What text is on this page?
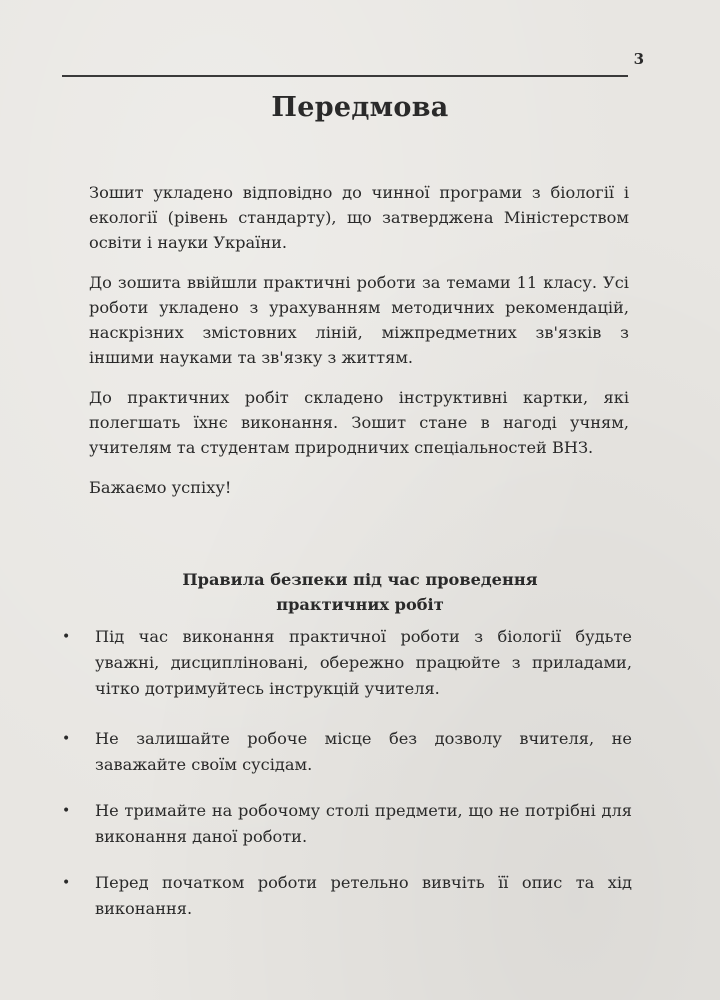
3
Передмова

Зошит укладено відповідно до чинної програми з біології і екології (рівень стандарту), що затверджена Міністерством освіти і науки України.

До зошита ввійшли практичні роботи за темами 11 класу. Усі роботи укладено з урахуванням методичних рекомендацій, наскрізних змістовних ліній, міжпредметних зв'язків з іншими науками та зв'язку з життям.

До практичних робіт складено інструктивні картки, які полегшать їхнє виконання. Зошит стане в нагоді учням, учителям та студентам природничих спеціальностей ВНЗ.

Бажаємо успіху!

Правила безпеки під час проведення
практичних робіт
• Під час виконання практичної роботи з біології будьте уважні, дисципліновані, обережно працюйте з приладами, чітко дотримуйтесь інструкцій учителя.
• Не залишайте робоче місце без дозволу вчителя, не заважайте своїм сусідам.
• Не тримайте на робочому столі предмети, що не потрібні для виконання даної роботи.
• Перед початком роботи ретельно вивчіть її опис та хід виконання.
